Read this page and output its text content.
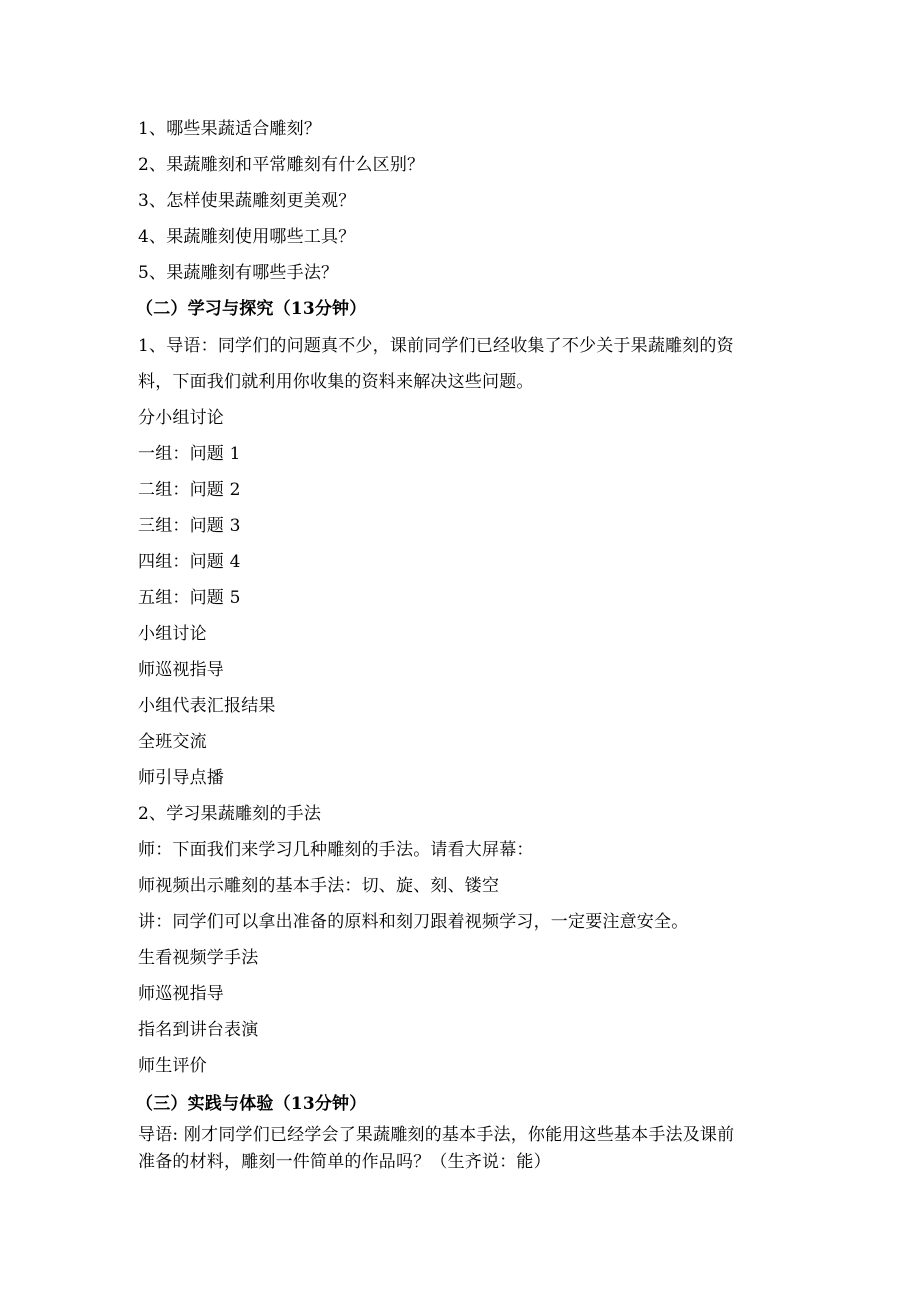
1、哪些果蔬适合雕刻？
2、果蔬雕刻和平常雕刻有什么区别？
3、怎样使果蔬雕刻更美观？
4、果蔬雕刻使用哪些工具？
5、果蔬雕刻有哪些手法？
（二）学习与探究（13分钟）
1、导语：同学们的问题真不少，课前同学们已经收集了不少关于果蔬雕刻的资
料，下面我们就利用你收集的资料来解决这些问题。
分小组讨论
一组：问题 1
二组：问题 2
三组：问题 3
四组：问题 4
五组：问题 5
小组讨论
师巡视指导
小组代表汇报结果
全班交流
师引导点播
2、学习果蔬雕刻的手法
师：下面我们来学习几种雕刻的手法。请看大屏幕：
师视频出示雕刻的基本手法：切、旋、刻、镂空
讲：同学们可以拿出准备的原料和刻刀跟着视频学习，一定要注意安全。
生看视频学手法
师巡视指导
指名到讲台表演
师生评价
（三）实践与体验（13分钟）
导语: 刚才同学们已经学会了果蔬雕刻的基本手法，你能用这些基本手法及课前
准备的材料，雕刻一件简单的作品吗？（生齐说：能）
